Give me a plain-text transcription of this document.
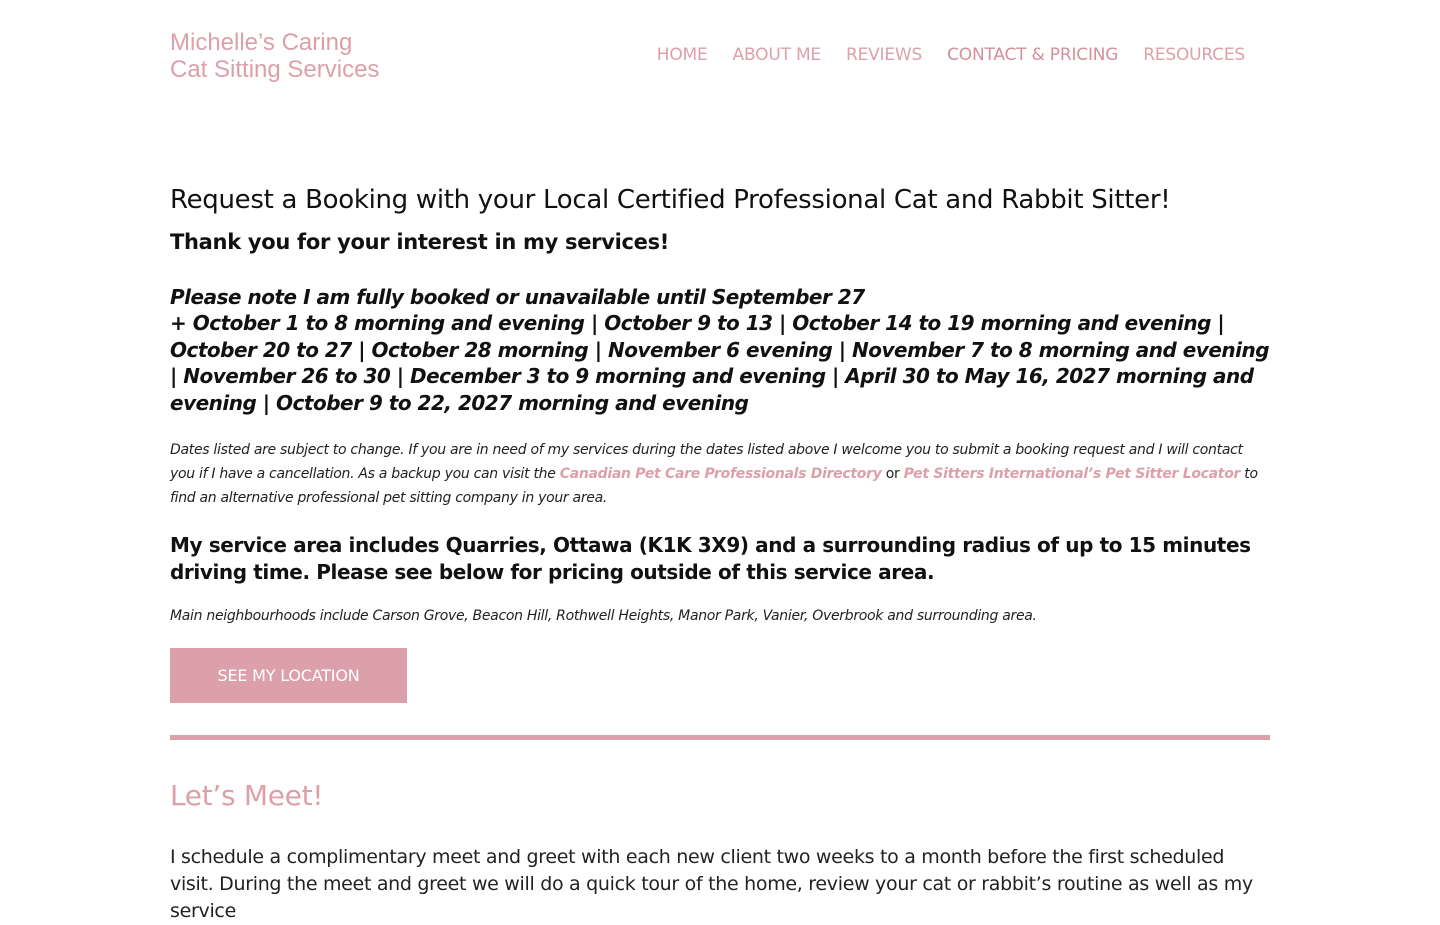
Michelle’s Caring
Cat Sitting Services
HOME ABOUT ME REVIEWS CONTACT & PRICING RESOURCES
Request a Booking with your Local Certified Professional Cat and Rabbit Sitter!

Thank you for your interest in my services!

Please note I am fully booked or unavailable until September 27
+ October 1 to 8 morning and evening | October 9 to 13 | October 14 to 19 morning and evening | October 20 to 27 | October 28 morning | November 6 evening | November 7 to 8 morning and evening | November 26 to 30 | December 3 to 9 morning and evening | April 30 to May 16, 2027 morning and evening | October 9 to 22, 2027 morning and evening

Dates listed are subject to change. If you are in need of my services during the dates listed above I welcome you to submit a booking request and I will contact you if I have a cancellation. As a backup you can visit the Canadian Pet Care Professionals Directory or Pet Sitters International’s Pet Sitter Locator to find an alternative professional pet sitting company in your area.

My service area includes Quarries, Ottawa (K1K 3X9) and a surrounding radius of up to 15 minutes driving time. Please see below for pricing outside of this service area.

Main neighbourhoods include Carson Grove, Beacon Hill, Rothwell Heights, Manor Park, Vanier, Overbrook and surrounding area.

SEE MY LOCATION
Let’s Meet!

I schedule a complimentary meet and greet with each new client two weeks to a month before the first scheduled visit. During the meet and greet we will do a quick tour of the home, review your cat or rabbit’s routine as well as my service
